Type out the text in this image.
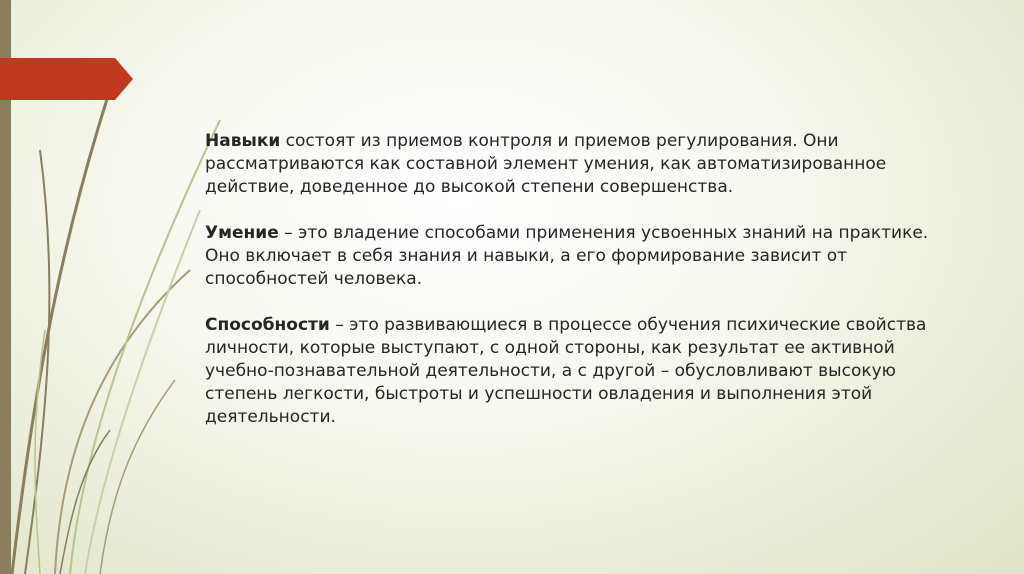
Навыки состоят из приемов контроля и приемов регулирования. Они рассматриваются как составной элемент умения, как автоматизированное действие, доведенное до высокой степени совершенства.

Умение – это владение способами применения усвоенных знаний на практике. Оно включает в себя знания и навыки, а его формирование зависит от способностей человека.

Способности – это развивающиеся в процессе обучения психические свойства личности, которые выступают, с одной стороны, как результат ее активной учебно-познавательной деятельности, а с другой – обусловливают высокую степень легкости, быстроты и успешности овладения и выполнения этой деятельности.
